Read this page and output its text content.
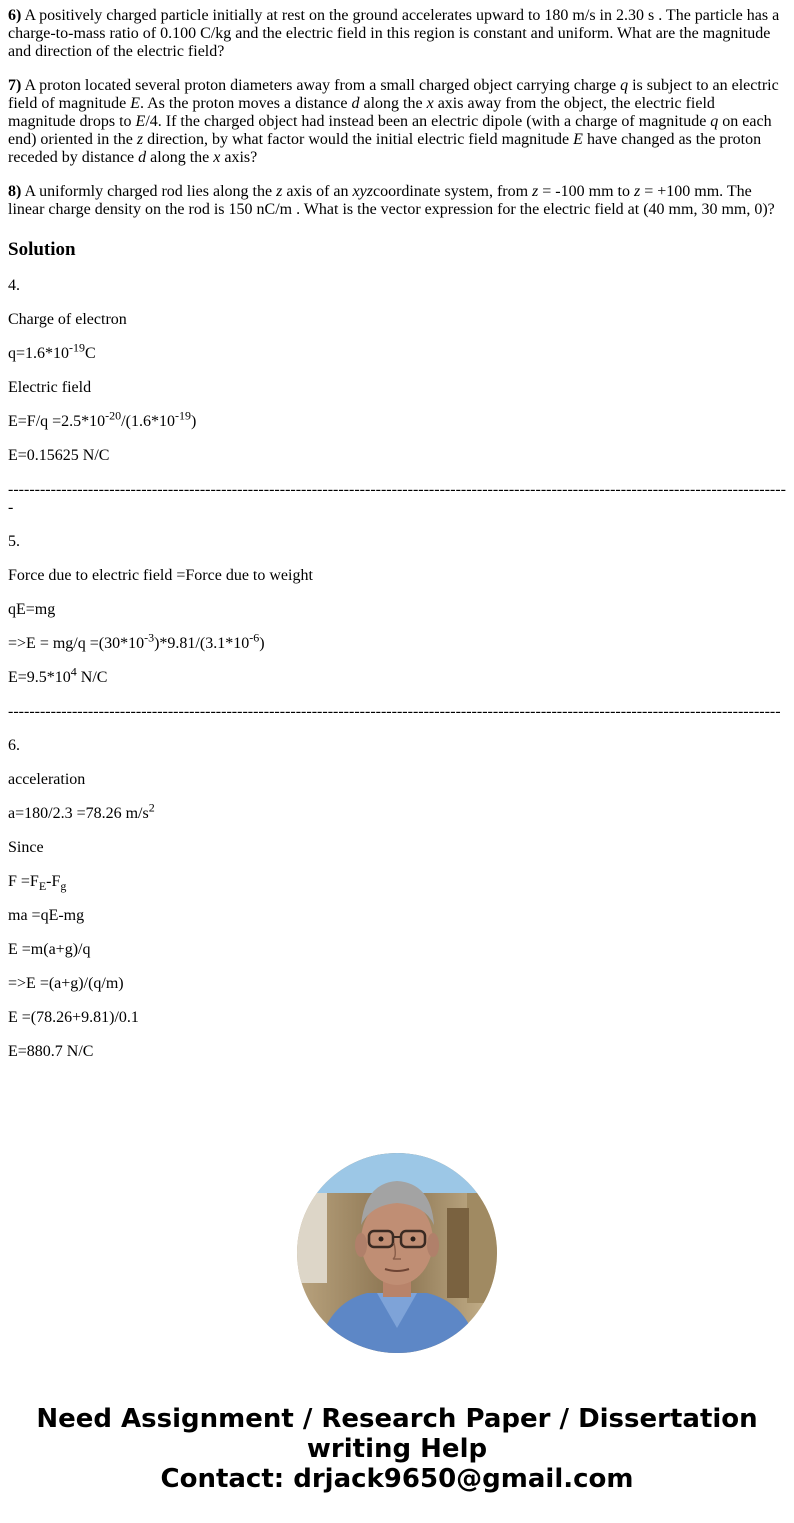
6) A positively charged particle initially at rest on the ground accelerates upward to 180 m/s in 2.30 s . The particle has a charge-to-mass ratio of 0.100 C/kg and the electric field in this region is constant and uniform. What are the magnitude and direction of the electric field?

7) A proton located several proton diameters away from a small charged object carrying charge q is subject to an electric field of magnitude E. As the proton moves a distance d along the x axis away from the object, the electric field magnitude drops to E/4. If the charged object had instead been an electric dipole (with a charge of magnitude q on each end) oriented in the z direction, by what factor would the initial electric field magnitude E have changed as the proton receded by distance d along the x axis?

8) A uniformly charged rod lies along the z axis of an xyzcoordinate system, from z = -100 mm to z = +100 mm. The linear charge density on the rod is 150 nC/m . What is the vector expression for the electric field at (40 mm, 30 mm, 0)?

Solution

4.

Charge of electron

$q=1.6*10^{-19}C$

Electric field

$E=F/q =2.5*10^{-20}/(1.6*10^{-19})$

E=0.15625 N/C

---------------------------------------------------------------------------------------------------------------------------------------------------

5.

Force due to electric field =Force due to weight

qE=mg

$=>E = mg/q =(30*10^{-3})*9.81/(3.1*10^{-6})$

$E=9.5*10^4$ N/C

-------------------------------------------------------------------------------------------------------------------------------------------------

6.

acceleration

a=180/2.3 =78.26 $m/s^2$

Since

$F =F_E-F_g$

ma =qE-mg

E =m(a+g)/q

=>E =(a+g)/(q/m)

E =(78.26+9.81)/0.1

E=880.7 N/C

Need Assignment / Research Paper / Dissertation
writing Help
Contact: drjack9650@gmail.com
